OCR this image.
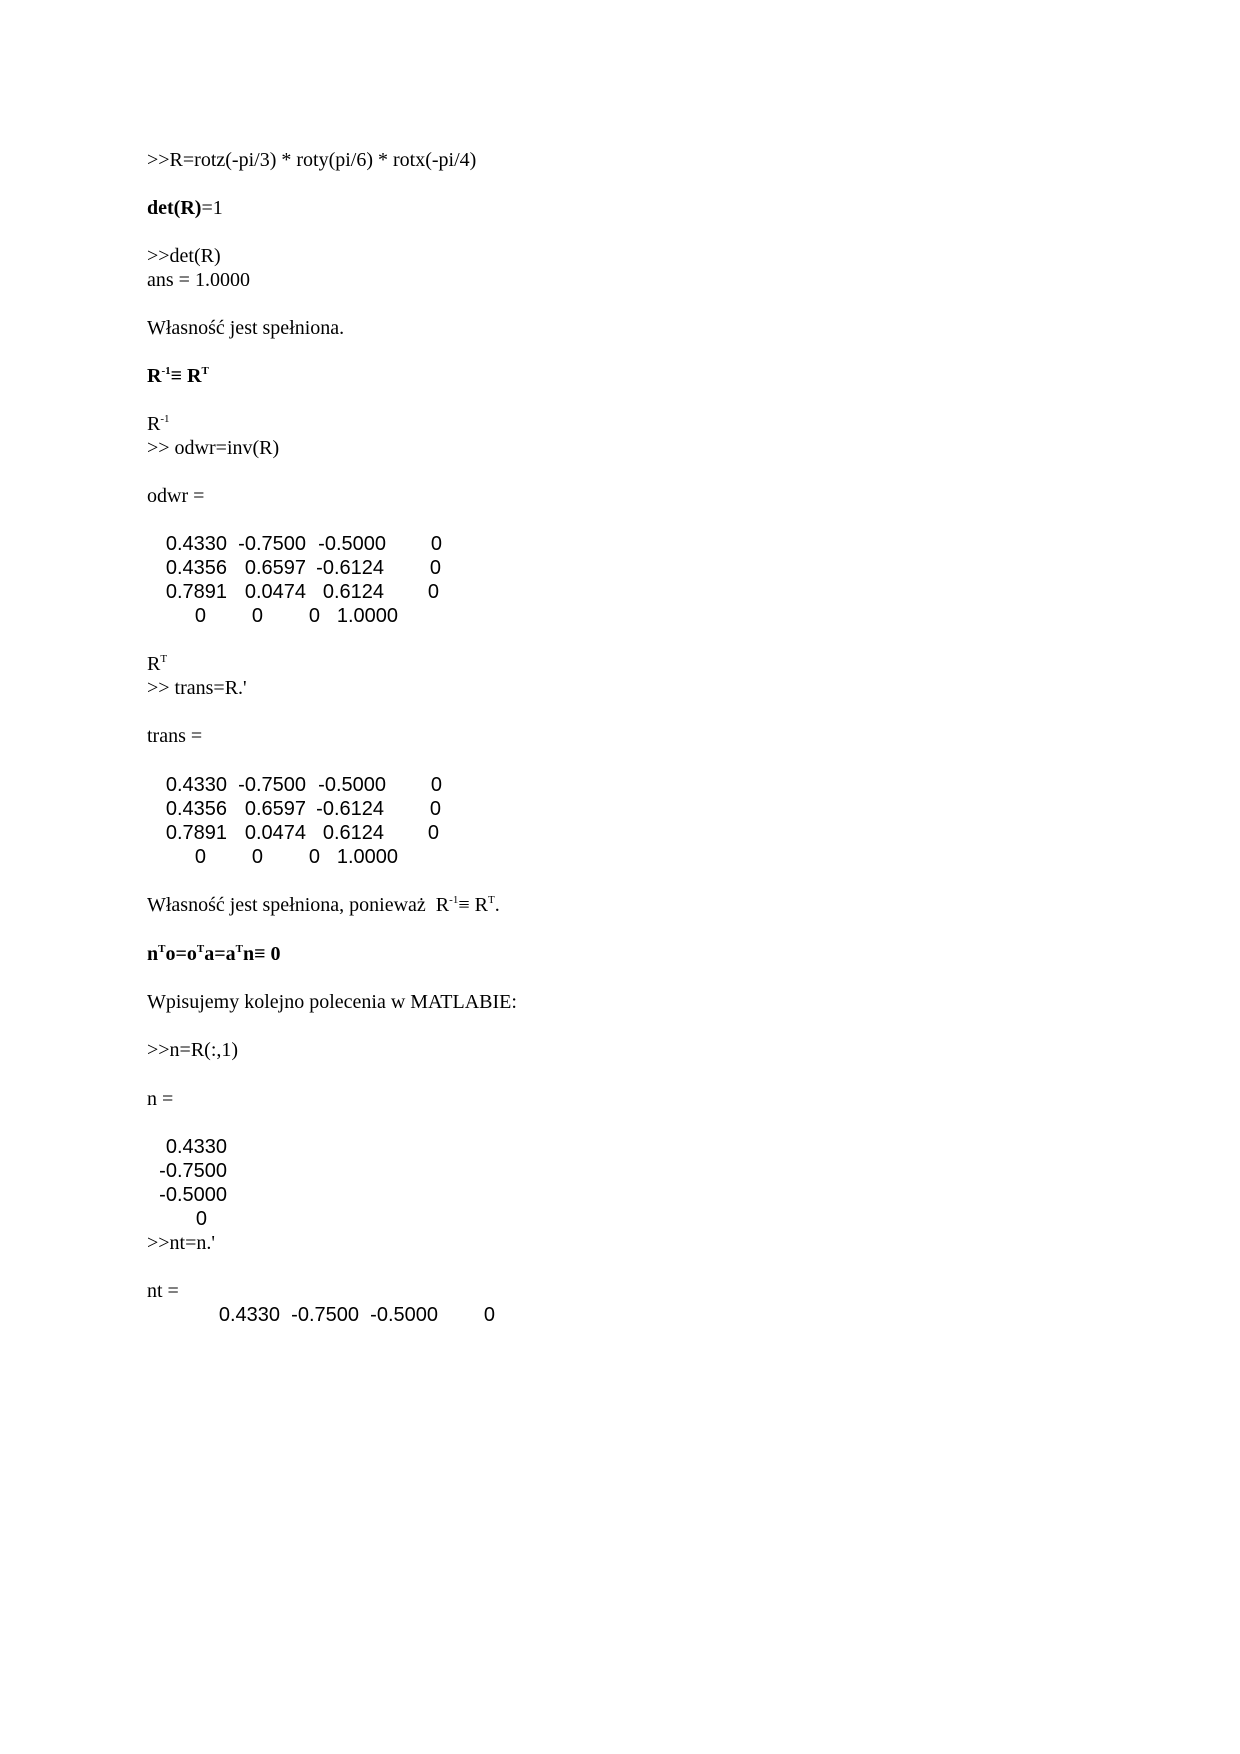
>>R=rotz(-pi/3) * roty(pi/6) * rotx(-pi/4)
det(R)=1
>>det(R)
ans = 1.0000
Własność jest spełniona.
$R^{-1}\equiv R^T$
$R^{-1}$
>> odwr=inv(R)
odwr =
0.4330 -0.7500 -0.5000	0
0.4356 0.6597 -0.6124	0
0.7891 0.0474 0.6124	0
0	0	0 1.0000
$R^T$
>> trans=R.'
trans =
0.4330 -0.7500 -0.5000	0
0.4356 0.6597 -0.6124	0
0.7891 0.0474 0.6124	0
0	0	0 1.0000
Własność jest spełniona, ponieważ  $R^{-1}\equiv R^T$.
$n^To=o^Ta=a^Tn\equiv 0$
Wpisujemy kolejno polecenia w MATLABIE:
>>n=R(:,1)
n =
0.4330
-0.7500
-0.5000
0
>>nt=n.'
nt =
0.4330 -0.7500 -0.5000	0
